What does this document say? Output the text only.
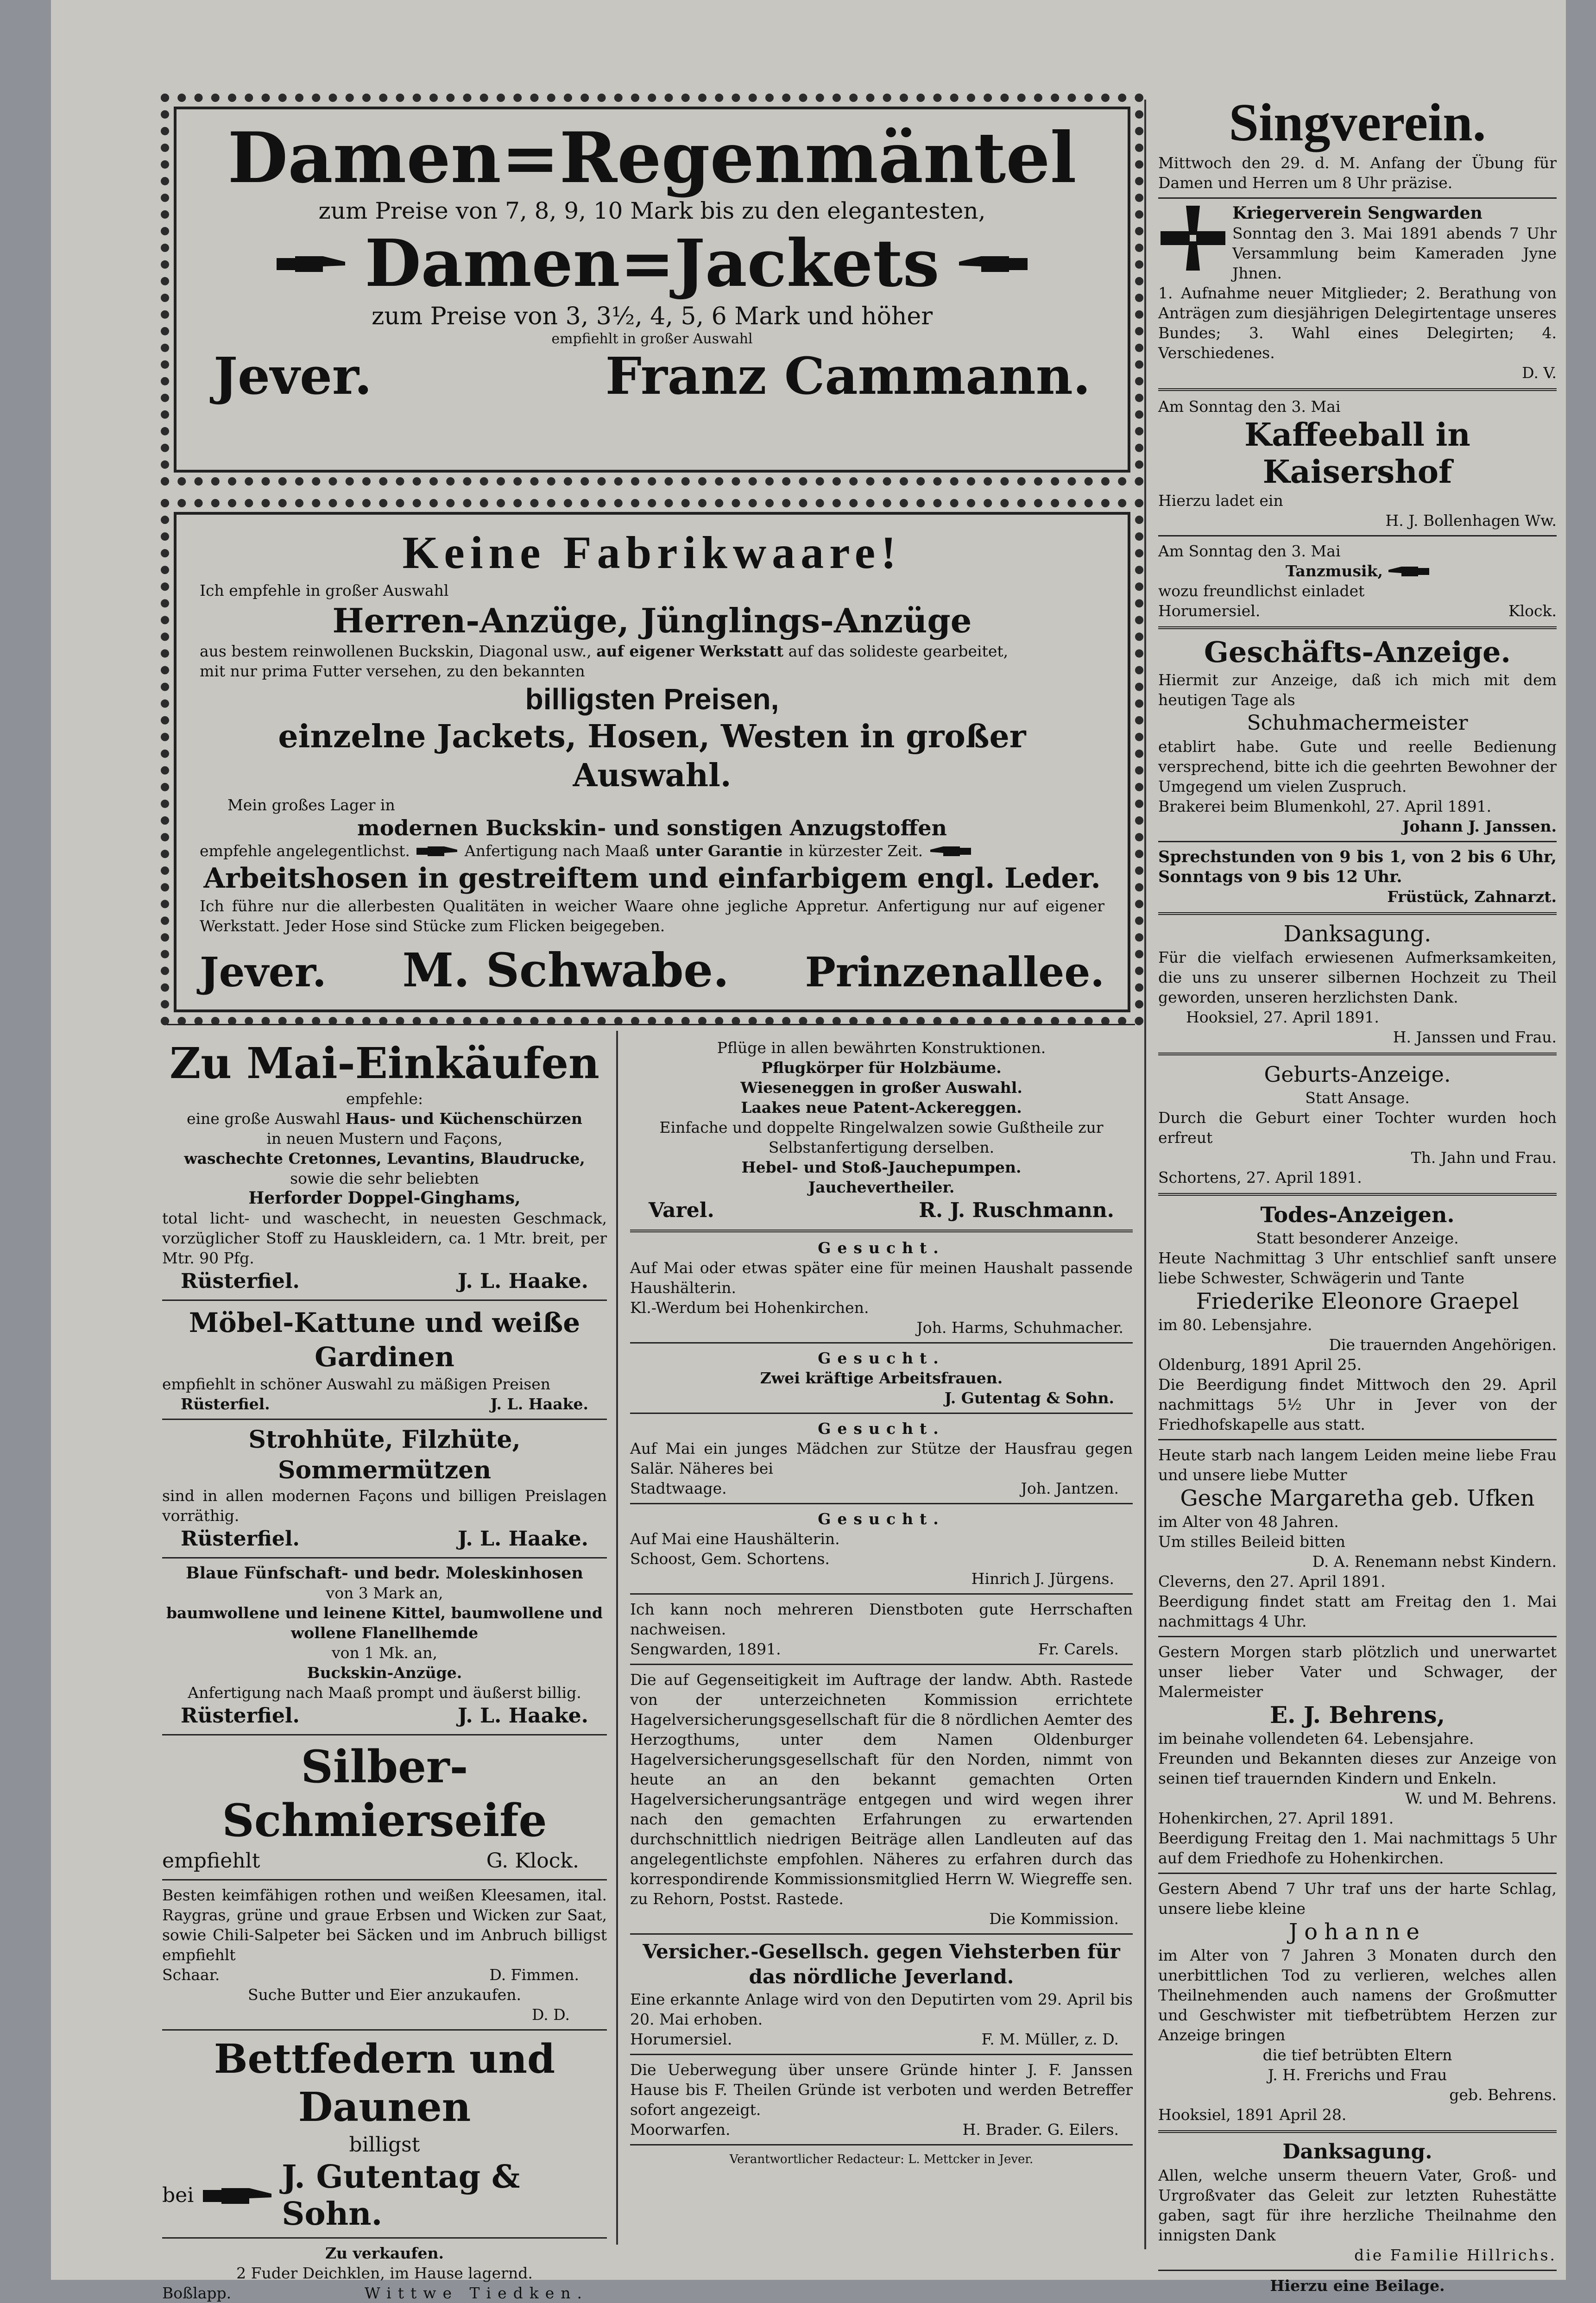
Damen=Regenmäntel
zum Preise von 7, 8, 9, 10 Mark bis zu den elegantesten,
Damen=Jackets
zum Preise von 3, 3½, 4, 5, 6 Mark und höher
empfiehlt in großer Auswahl
Jever.	Franz Cammann.
Keine Fabrikwaare!
Ich empfehle in großer Auswahl
Herren-Anzüge, Jünglings-Anzüge
aus bestem reinwollenen Buckskin, Diagonal usw., auf eigener Werkstatt auf das solideste gearbeitet,
mit nur prima Futter versehen, zu den bekannten
billigsten Preisen,
einzelne Jackets, Hosen, Westen in großer Auswahl.
Mein großes Lager in
modernen Buckskin- und sonstigen Anzugstoffen
empfehle angelegentlichst.	Anfertigung nach Maaß unter Garantie in kürzester Zeit.
Arbeitshosen in gestreiftem und einfarbigem engl. Leder.
Ich führe nur die allerbesten Qualitäten in weicher Waare ohne jegliche Appretur. Anfertigung nur auf eigener Werkstatt. Jeder Hose sind Stücke zum Flicken beigegeben.
Jever. M. Schwabe. Prinzenallee.
Zu Mai-Einkäufen
empfehle:
eine große Auswahl Haus- und Küchenschürzen
in neuen Mustern und Façons,
waschechte Cretonnes, Levantins, Blaudrucke,
sowie die sehr beliebten
Herforder Doppel-Ginghams,
total licht- und waschecht, in neuesten Geschmack, vorzüglicher Stoff zu Hauskleidern, ca. 1 Mtr. breit, per Mtr. 90 Pfg.
Rüsterfiel.	J. L. Haake.
Möbel-Kattune und weiße Gardinen
empfiehlt in schöner Auswahl zu mäßigen Preisen
Rüsterfiel.	J. L. Haake.
Strohhüte, Filzhüte, Sommermützen
sind in allen modernen Façons und billigen Preislagen vorräthig.
Rüsterfiel.	J. L. Haake.
Blaue Fünfschaft- und bedr. Moleskinhosen
von 3 Mark an,
baumwollene und leinene Kittel, baumwollene und wollene Flanellhemde
von 1 Mk. an,
Buckskin-Anzüge.
Anfertigung nach Maaß prompt und äußerst billig.
Rüsterfiel.	J. L. Haake.
Silber-Schmierseife
empfiehlt	G. Klock.
Besten keimfähigen rothen und weißen Kleesamen, ital. Raygras, grüne und graue Erbsen und Wicken zur Saat, sowie Chili-Salpeter bei Säcken und im Anbruch billigst empfiehlt
Schaar.	D. Fimmen.
Suche Butter und Eier anzukaufen.
D. D.
Bettfedern und Daunen
billigst
bei	J. Gutentag & Sohn.
Zu verkaufen.
2 Fuder Deichklen, im Hause lagernd.
Boßlapp.	Wittwe Tiedken.
Pflüge in allen bewährten Konstruktionen.
Pflugkörper für Holzbäume.
Wieseneggen in großer Auswahl.
Laakes neue Patent-Ackereggen.
Einfache und doppelte Ringelwalzen sowie Gußtheile zur Selbstanfertigung derselben.
Hebel- und Stoß-Jauchepumpen.
Jauchevertheiler.
Varel.	R. J. Ruschmann.
Gesucht.
Auf Mai oder etwas später eine für meinen Haushalt passende Haushälterin.
Kl.-Werdum bei Hohenkirchen.
Joh. Harms, Schuhmacher.
Gesucht.
Zwei kräftige Arbeitsfrauen.
J. Gutentag & Sohn.
Gesucht.
Auf Mai ein junges Mädchen zur Stütze der Hausfrau gegen Salär. Näheres bei
Stadtwaage.	Joh. Jantzen.
Gesucht.
Auf Mai eine Haushälterin.
Schoost, Gem. Schortens.
Hinrich J. Jürgens.
Ich kann noch mehreren Dienstboten gute Herrschaften nachweisen.
Sengwarden, 1891.	Fr. Carels.
Die auf Gegenseitigkeit im Auftrage der landw. Abth. Rastede von der unterzeichneten Kommission errichtete Hagelversicherungsgesellschaft für die 8 nördlichen Aemter des Herzogthums, unter dem Namen Oldenburger Hagelversicherungsgesellschaft für den Norden, nimmt von heute an an den bekannt gemachten Orten Hagelversicherungsanträge entgegen und wird wegen ihrer nach den gemachten Erfahrungen zu erwartenden durchschnittlich niedrigen Beiträge allen Landleuten auf das angelegentlichste empfohlen. Näheres zu erfahren durch das korrespondirende Kommissionsmitglied Herrn W. Wiegreffe sen. zu Rehorn, Postst. Rastede.
Die Kommission.
Versicher.-Gesellsch. gegen Viehsterben für das nördliche Jeverland.
Eine erkannte Anlage wird von den Deputirten vom 29. April bis 20. Mai erhoben.
Horumersiel.	F. M. Müller, z. D.
Die Ueberwegung über unsere Gründe hinter J. F. Janssen Hause bis F. Theilen Gründe ist verboten und werden Betreffer sofort angezeigt.
Moorwarfen.	H. Brader. G. Eilers.
Verantwortlicher Redacteur: L. Mettcker in Jever.
Singverein.
Mittwoch den 29. d. M. Anfang der Übung für Damen und Herren um 8 Uhr präzise.
Kriegerverein Sengwarden
Sonntag den 3. Mai 1891 abends 7 Uhr Versammlung beim Kameraden Jyne Jhnen.
1. Aufnahme neuer Mitglieder; 2. Berathung von Anträgen zum diesjährigen Delegirtentage unseres Bundes; 3. Wahl eines Delegirten; 4. Verschiedenes.
D. V.
Am Sonntag den 3. Mai
Kaffeeball in Kaisershof
Hierzu ladet ein
H. J. Bollenhagen Ww.
Am Sonntag den 3. Mai
Tanzmusik,
wozu freundlichst einladet
Horumersiel.	Klock.
Geschäfts-Anzeige.
Hiermit zur Anzeige, daß ich mich mit dem heutigen Tage als
Schuhmachermeister
etablirt habe. Gute und reelle Bedienung versprechend, bitte ich die geehrten Bewohner der Umgegend um vielen Zuspruch.
Brakerei beim Blumenkohl, 27. April 1891.
Johann J. Janssen.
Sprechstunden von 9 bis 1, von 2 bis 6 Uhr, Sonntags von 9 bis 12 Uhr.
Früstück, Zahnarzt.
Danksagung.
Für die vielfach erwiesenen Aufmerksamkeiten, die uns zu unserer silbernen Hochzeit zu Theil geworden, unseren herzlichsten Dank.
Hooksiel, 27. April 1891.
H. Janssen und Frau.
Geburts-Anzeige.
Statt Ansage.
Durch die Geburt einer Tochter wurden hoch erfreut
Th. Jahn und Frau.
Schortens, 27. April 1891.
Todes-Anzeigen.
Statt besonderer Anzeige.
Heute Nachmittag 3 Uhr entschlief sanft unsere liebe Schwester, Schwägerin und Tante
Friederike Eleonore Graepel
im 80. Lebensjahre.
Die trauernden Angehörigen.
Oldenburg, 1891 April 25.
Die Beerdigung findet Mittwoch den 29. April nachmittags 5½ Uhr in Jever von der Friedhofskapelle aus statt.
Heute starb nach langem Leiden meine liebe Frau und unsere liebe Mutter
Gesche Margaretha geb. Ufken
im Alter von 48 Jahren.
Um stilles Beileid bitten
D. A. Renemann nebst Kindern.
Cleverns, den 27. April 1891.
Beerdigung findet statt am Freitag den 1. Mai nachmittags 4 Uhr.
Gestern Morgen starb plötzlich und unerwartet unser lieber Vater und Schwager, der Malermeister
E. J. Behrens,
im beinahe vollendeten 64. Lebensjahre.
Freunden und Bekannten dieses zur Anzeige von seinen tief trauernden Kindern und Enkeln.
W. und M. Behrens.
Hohenkirchen, 27. April 1891.
Beerdigung Freitag den 1. Mai nachmittags 5 Uhr auf dem Friedhofe zu Hohenkirchen.
Gestern Abend 7 Uhr traf uns der harte Schlag, unsere liebe kleine
Johanne
im Alter von 7 Jahren 3 Monaten durch den unerbittlichen Tod zu verlieren, welches allen Theilnehmenden auch namens der Großmutter und Geschwister mit tiefbetrübtem Herzen zur Anzeige bringen
die tief betrübten Eltern
J. H. Frerichs und Frau
geb. Behrens.
Hooksiel, 1891 April 28.
Danksagung.
Allen, welche unserm theuern Vater, Groß- und Urgroßvater das Geleit zur letzten Ruhestätte gaben, sagt für ihre herzliche Theilnahme den innigsten Dank
die Familie Hillrichs.
Hierzu eine Beilage.
